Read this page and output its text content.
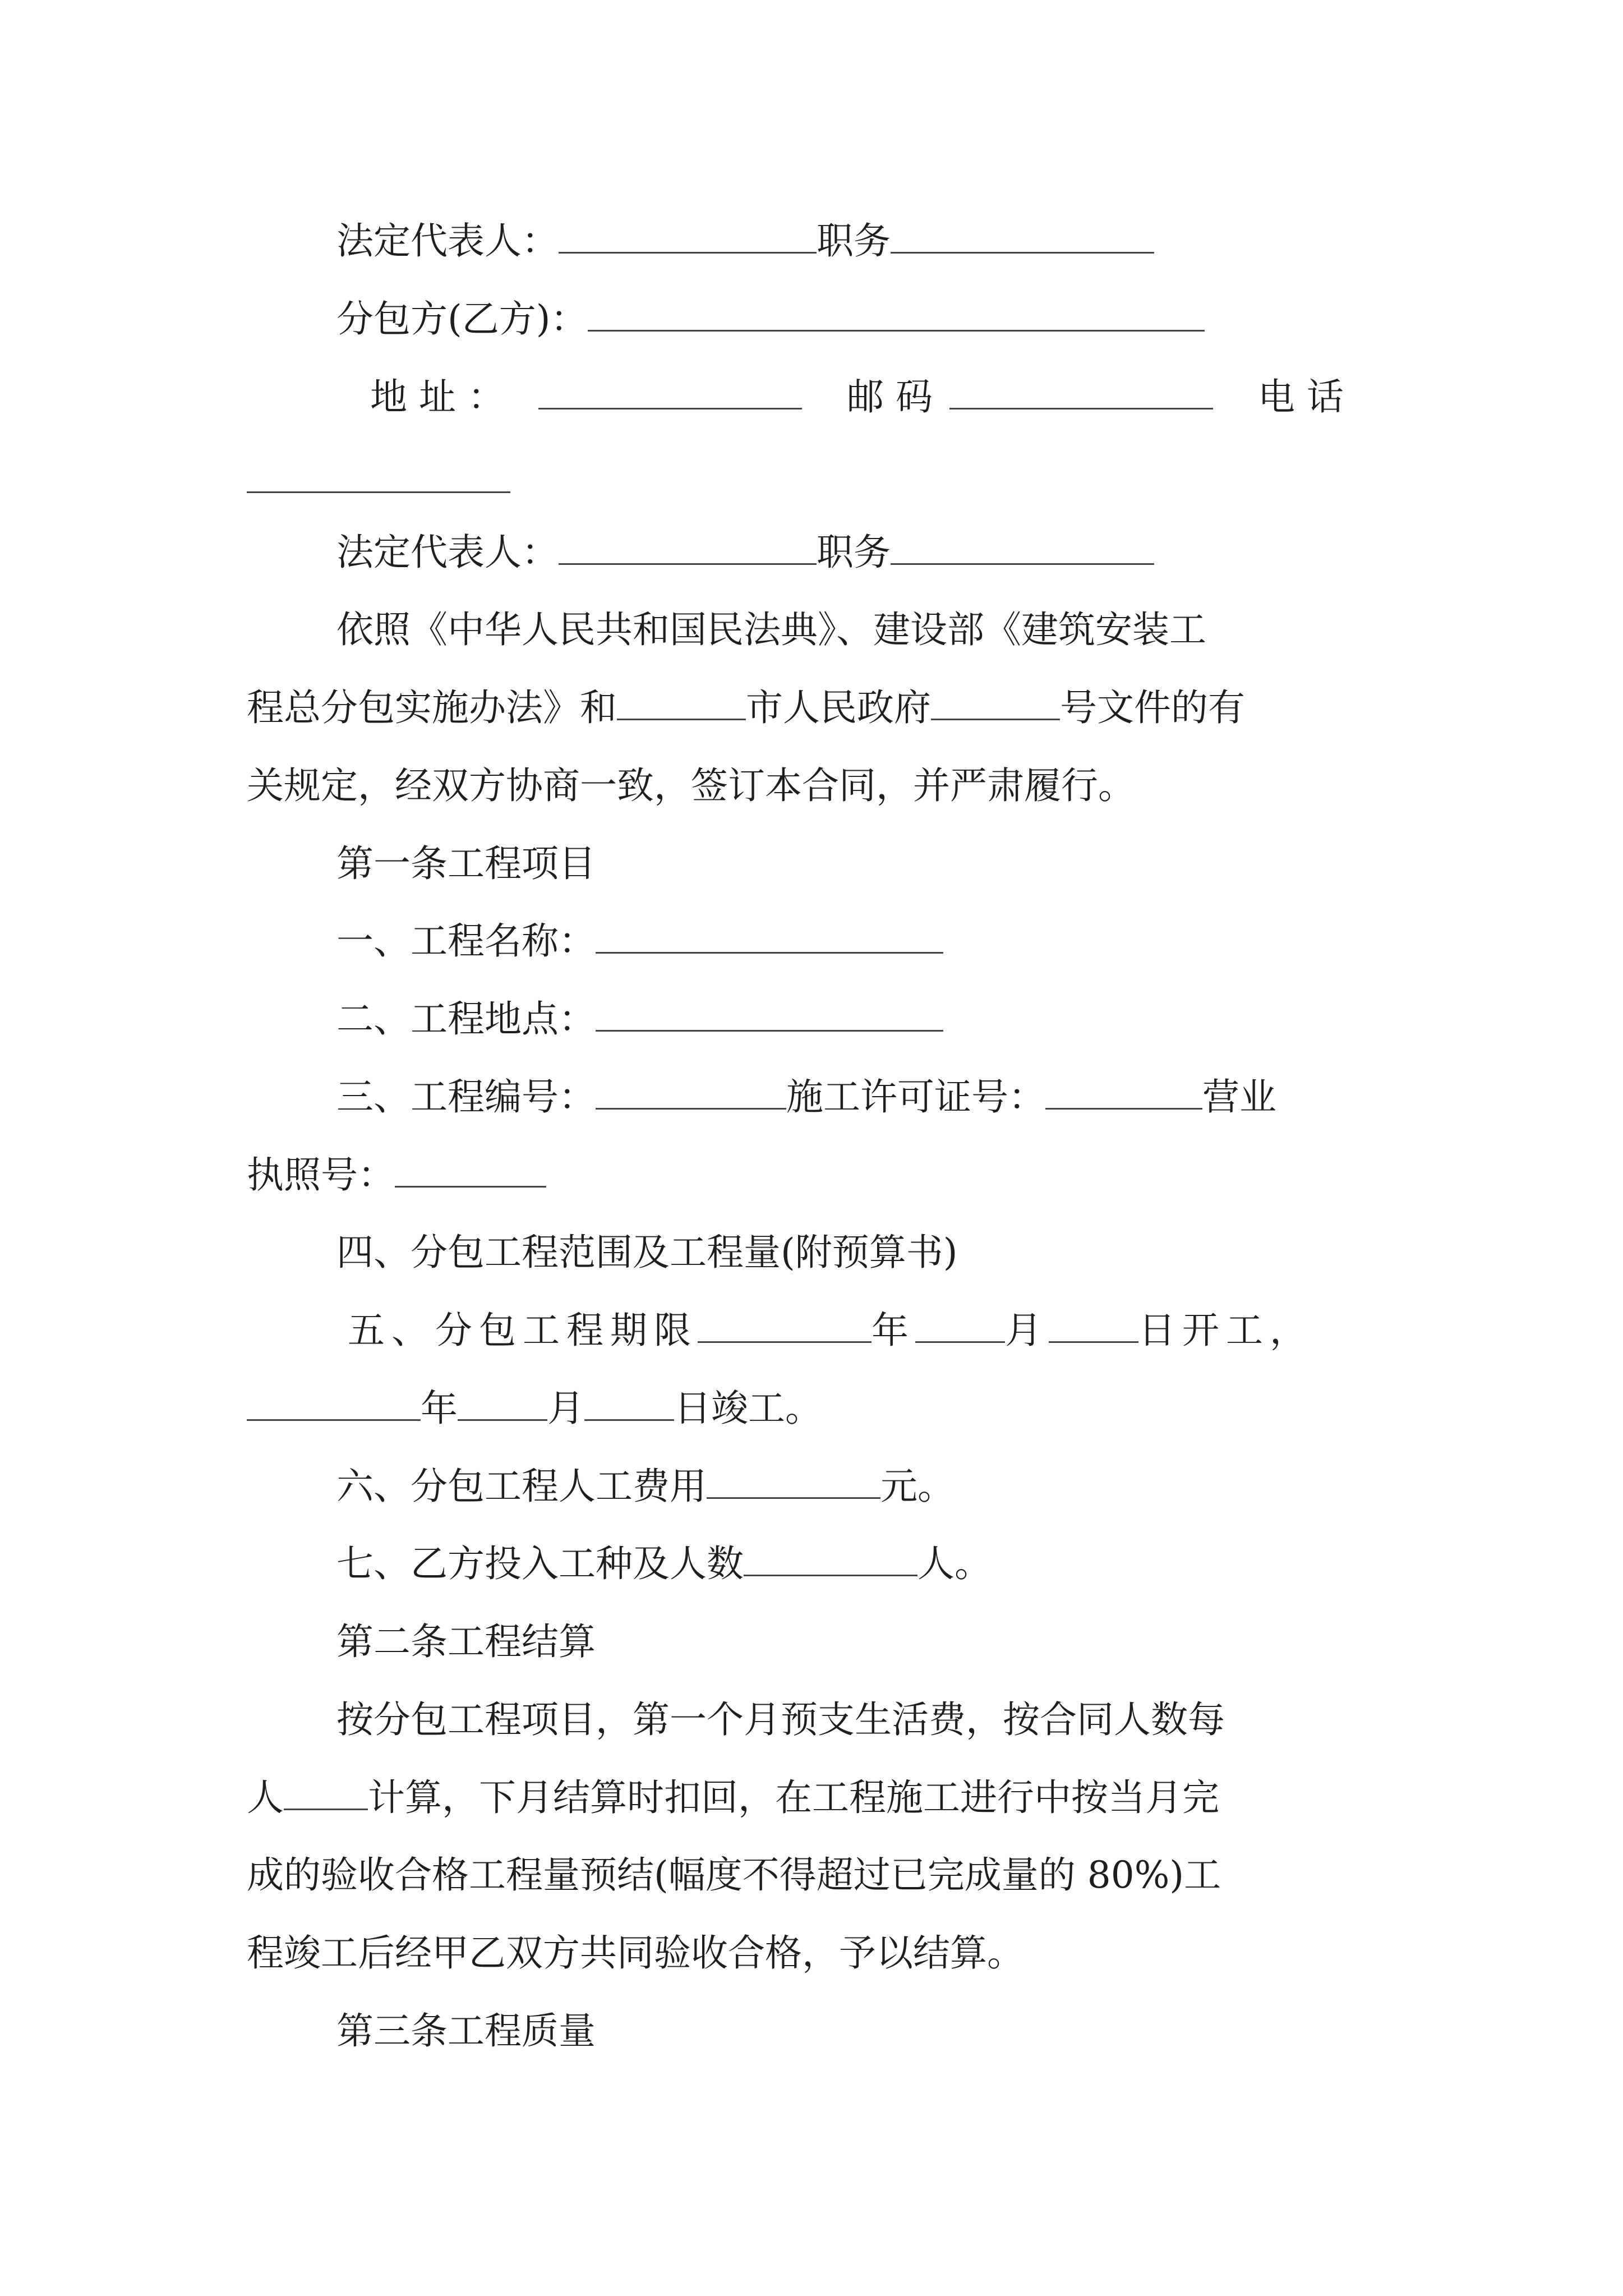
法定代表人：	职务

分包方(乙方)：

地 址 ：	邮 码	电 话

法定代表人：	职务

依照《中华人民共和国民法典》、建设部《建筑安装工

程总分包实施办法》和	市人民政府	号文件的有

关规定，经双方协商一致，签订本合同，并严肃履行。

第一条工程项目

一、工程名称：

二、工程地点：

三、工程编号：	施工许可证号：	营业

执照号：

四、分包工程范围及工程量(附预算书)

五、分包工程期限	年 月 日开工，

年 月 日竣工。

六、分包工程人工费用	元。

七、乙方投入工种及人数	人。

第二条工程结算

按分包工程项目，第一个月预支生活费，按合同人数每

人 计算，下月结算时扣回，在工程施工进行中按当月完

成的验收合格工程量预结(幅度不得超过已完成量的 80%)工

程竣工后经甲乙双方共同验收合格，予以结算。

第三条工程质量
